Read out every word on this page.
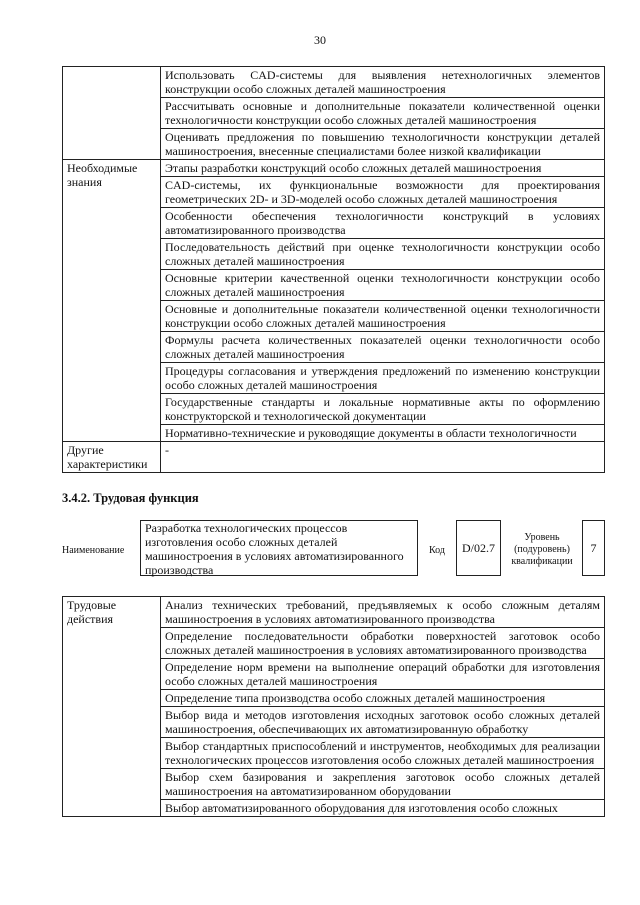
30
	Использовать CAD-системы для выявления нетехнологичных элементов конструкции особо сложных деталей машиностроения
	Рассчитывать основные и дополнительные показатели количественной оценки технологичности конструкции особо сложных деталей машиностроения
	Оценивать предложения по повышению технологичности конструкции деталей машиностроения, внесенные специалистами более низкой квалификации
Необходимые знания	Этапы разработки конструкций особо сложных деталей машиностроения
	CAD-системы, их функциональные возможности для проектирования геометрических 2D- и 3D-моделей особо сложных деталей машиностроения
	Особенности обеспечения технологичности конструкций в условиях автоматизированного производства
	Последовательность действий при оценке технологичности конструкции особо сложных деталей машиностроения
	Основные критерии качественной оценки технологичности конструкции особо сложных деталей машиностроения
	Основные и дополнительные показатели количественной оценки технологичности конструкции особо сложных деталей машиностроения
	Формулы расчета количественных показателей оценки технологичности особо сложных деталей машиностроения
	Процедуры согласования и утверждения предложений по изменению конструкции особо сложных деталей машиностроения
	Государственные стандарты и локальные нормативные акты по оформлению конструкторской и технологической документации
	Нормативно-технические и руководящие документы в области технологичности
Другие характеристики	-
3.4.2. Трудовая функция
Наименование
Разработка технологических процессов изготовления особо сложных деталей машиностроения в условиях автоматизированного производства
Код	D/02.7
Уровень (подуровень) квалификации
7
Трудовые действия	Анализ технических требований, предъявляемых к особо сложным деталям машиностроения в условиях автоматизированного производства
Определение последовательности обработки поверхностей заготовок особо сложных деталей машиностроения в условиях автоматизированного производства
Определение норм времени на выполнение операций обработки для изготовления особо сложных деталей машиностроения
Определение типа производства особо сложных деталей машиностроения
Выбор вида и методов изготовления исходных заготовок особо сложных деталей машиностроения, обеспечивающих их автоматизированную обработку
Выбор стандартных приспособлений и инструментов, необходимых для реализации технологических процессов изготовления особо сложных деталей машиностроения
Выбор схем базирования и закрепления заготовок особо сложных деталей машиностроения на автоматизированном оборудовании
Выбор автоматизированного оборудования для изготовления особо сложных
